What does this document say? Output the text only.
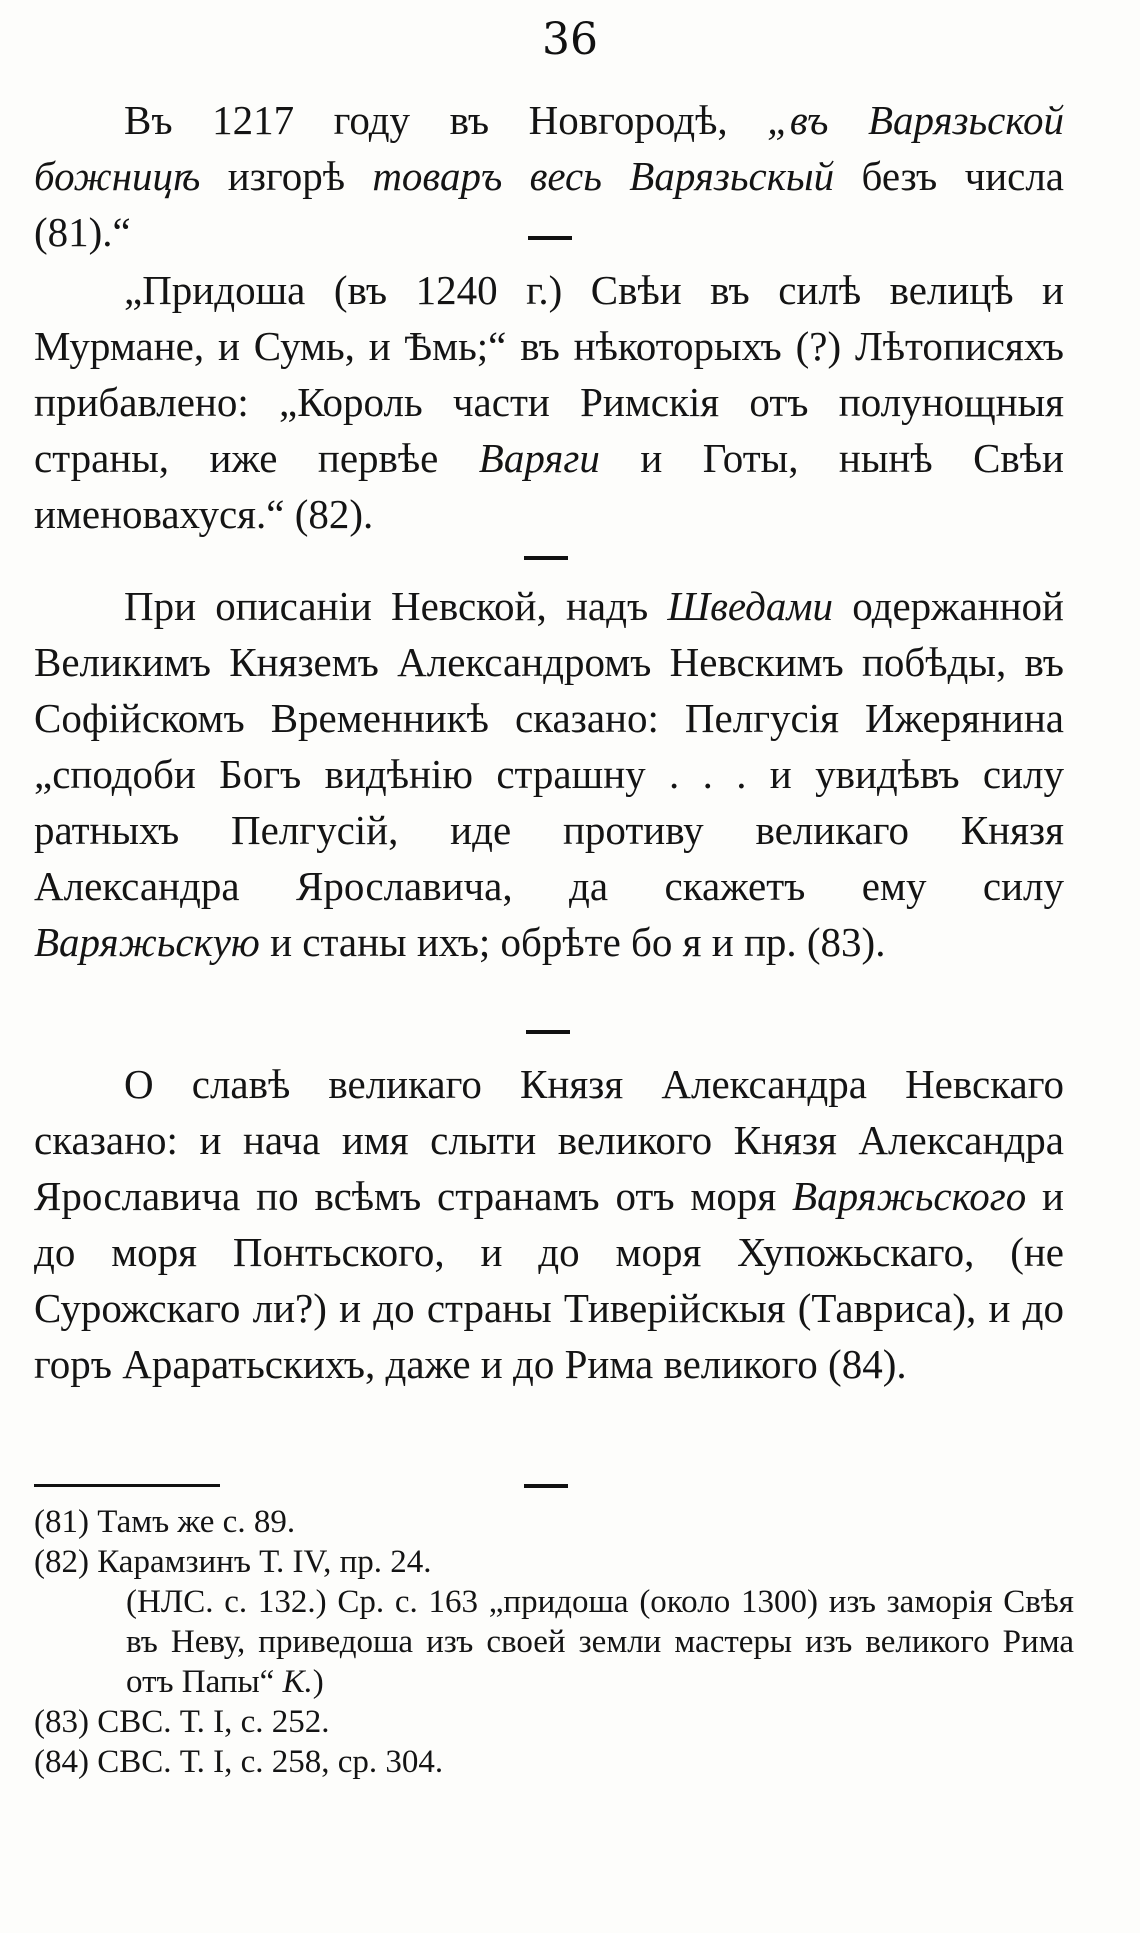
36

Въ 1217 году въ Новгородѣ, „въ Варязьской божницѣ изгорѣ товаръ весь Варязьскый безъ числа (81).“

„Придоша (въ 1240 г.) Свѣи въ силѣ велицѣ и Мурмане, и Сумь, и Ѣмь;“ въ нѣкоторыхъ (?) Лѣтописяхъ прибавлено: „Король части Римскія отъ полунощныя страны, иже первѣе Варяги и Готы, нынѣ Свѣи именовахуся.“ (82).

При описаніи Невской, надъ Шведами одержанной Великимъ Княземъ Александромъ Невскимъ побѣды, въ Софійскомъ Временникѣ сказано: Пелгусія Ижерянина „сподоби Богъ видѣнію страшну . . . и увидѣвъ силу ратныхъ Пелгусій, иде противу великаго Князя Александра Ярославича, да скажетъ ему силу Варяжьскую и станы ихъ; обрѣте бо я и пр. (83).

О славѣ великаго Князя Александра Невскаго сказано: и нача имя слыти великого Князя Александра Ярославича по всѣмъ странамъ отъ моря Варяжьского и до моря Понтьского, и до моря Хупожьскаго, (не Сурожскаго ли?) и до страны Тиверійскыя (Тавриса), и до горъ Араратьскихъ, даже и до Рима великого (84).

(81) Тамъ же с. 89.

(82) Карамзинъ Т. IV, пр. 24.

(НЛС. с. 132.) Ср. с. 163 „придоша (около 1300) изъ заморія Свѣя въ Неву, приведоша изъ своей земли мастеры изъ великого Рима отъ Папы“ К.)

(83) СВС. Т. I, с. 252.

(84) СВС. Т. I, с. 258, ср. 304.
